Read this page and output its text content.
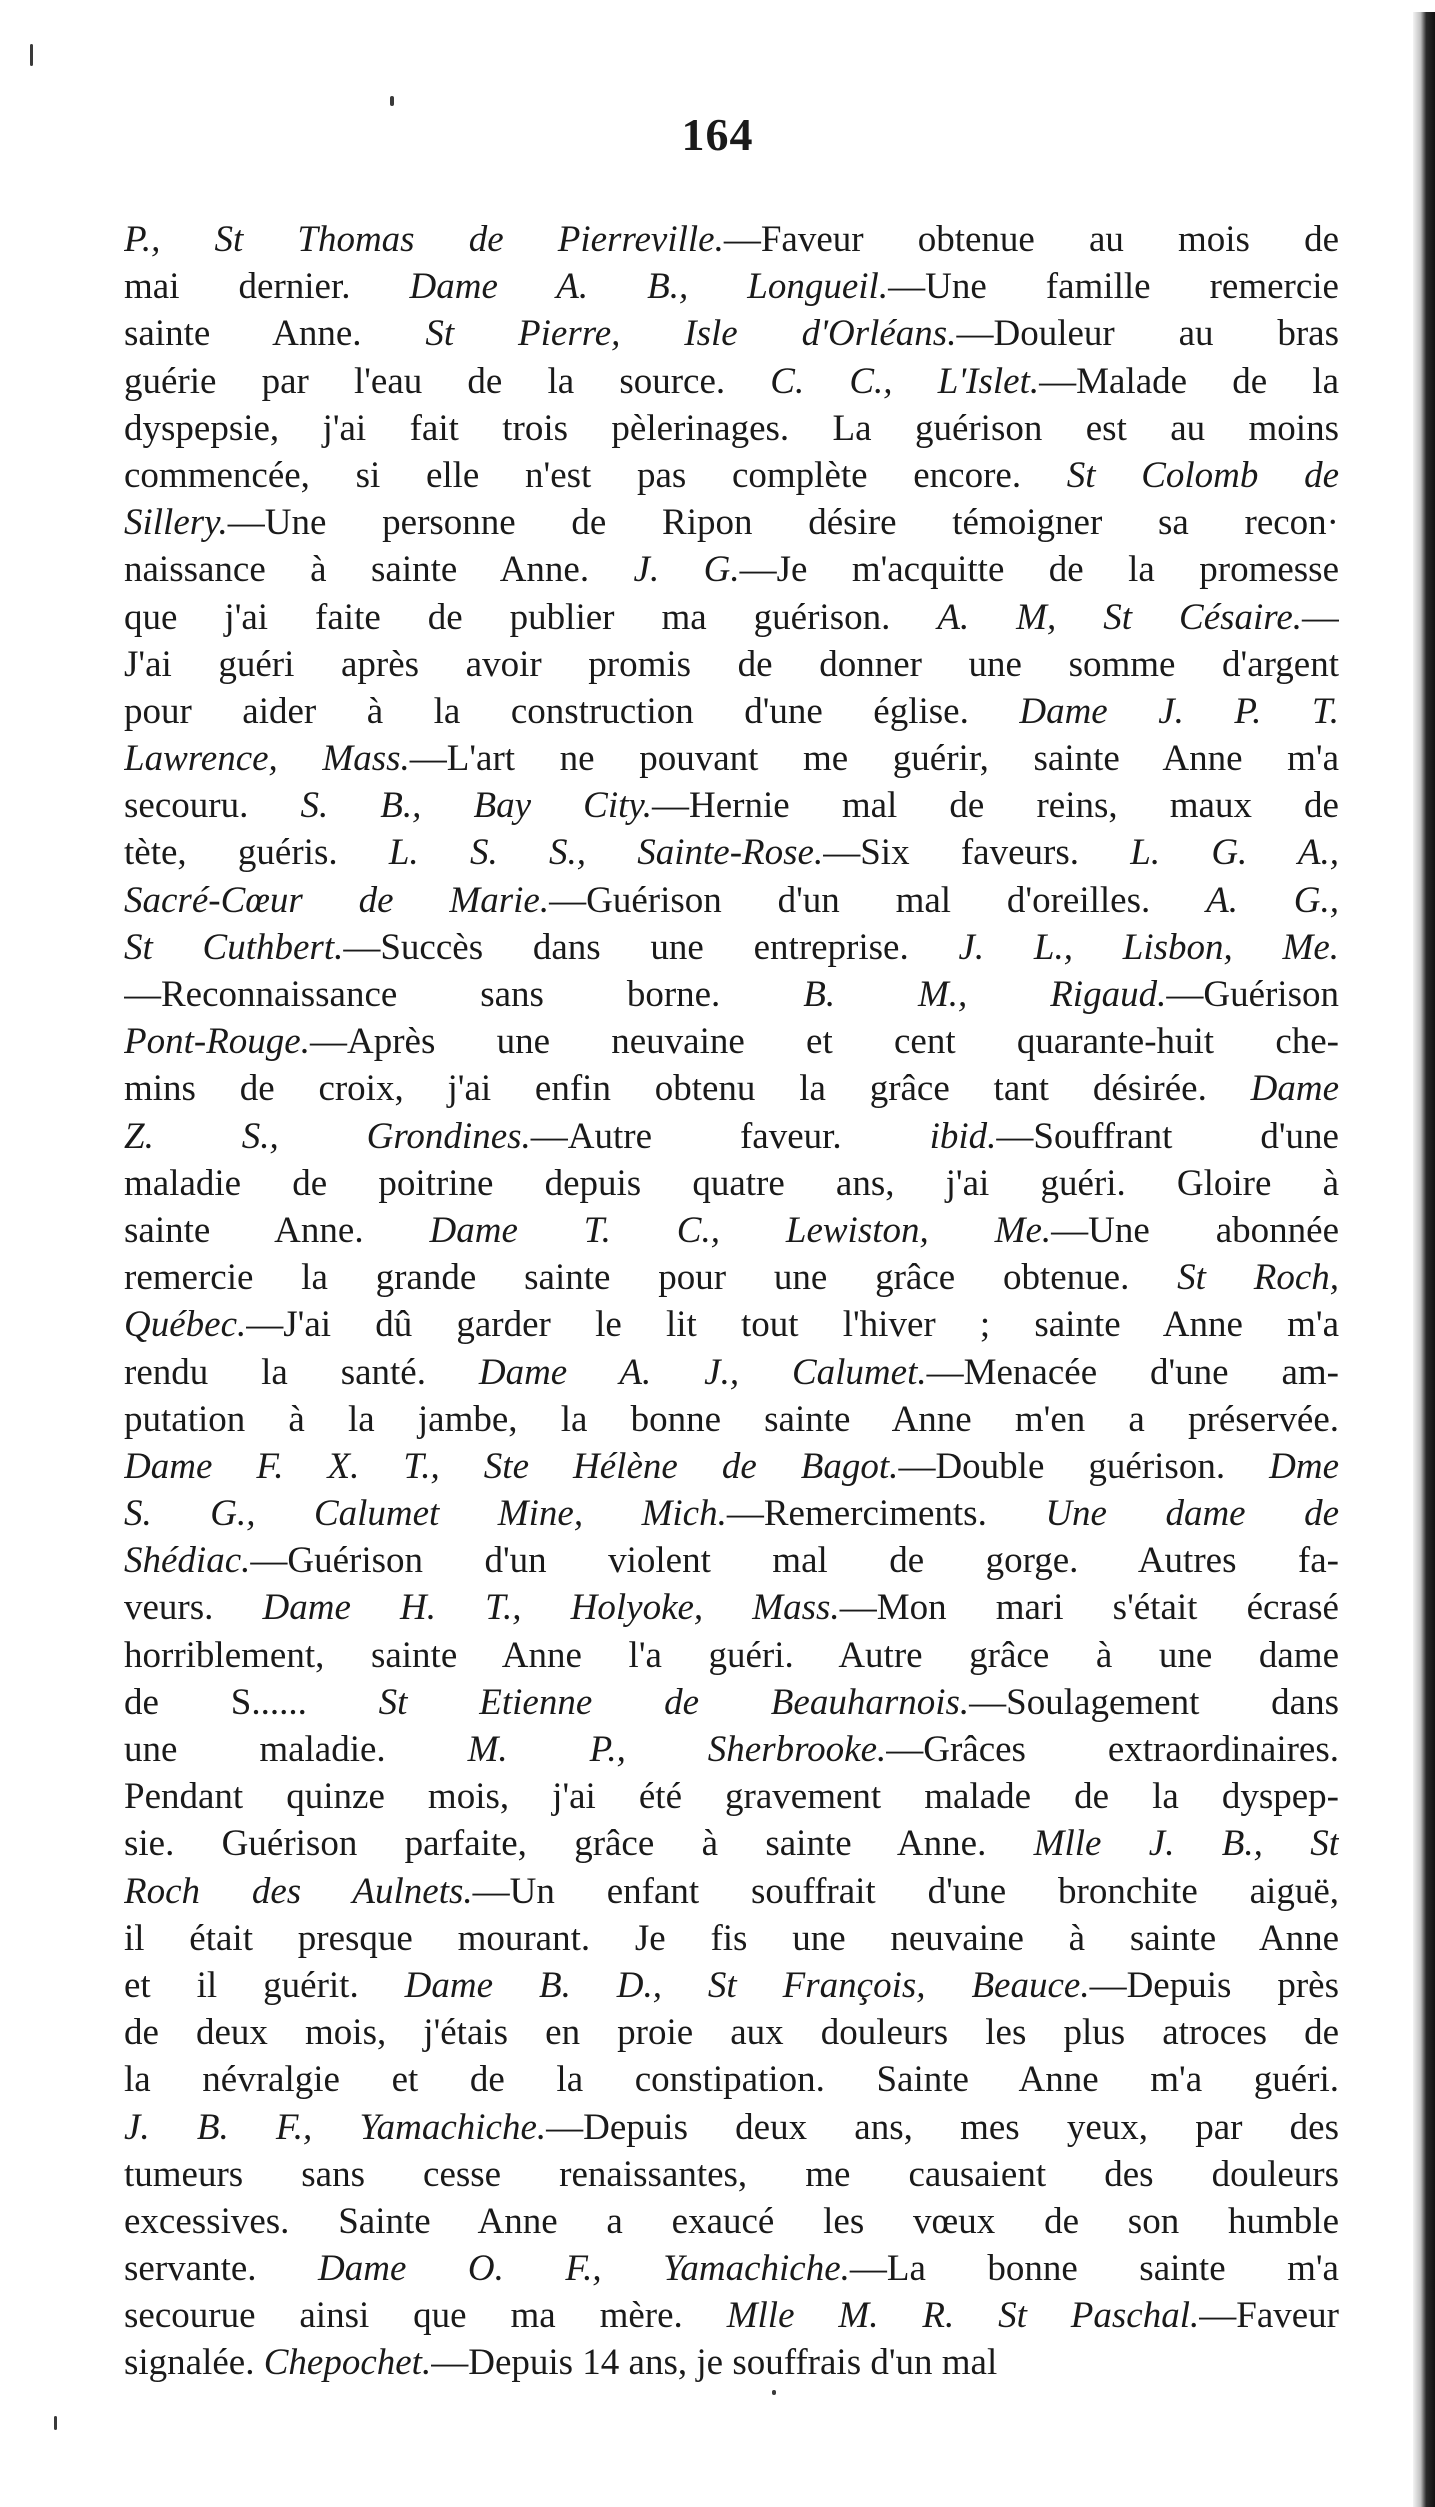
164
P., St Thomas de Pierreville.—Faveur obtenue au mois de
mai dernier. Dame A. B., Longueil.—Une famille remercie
sainte Anne. St Pierre, Isle d'Orléans.—Douleur au bras
guérie par l'eau de la source. C. C., L'Islet.—Malade de la
dyspepsie, j'ai fait trois pèlerinages. La guérison est au moins
commencée, si elle n'est pas complète encore. St Colomb de
Sillery.—Une personne de Ripon désire témoigner sa recon·
naissance à sainte Anne. J. G.—Je m'acquitte de la promesse
que j'ai faite de publier ma guérison. A. M, St Césaire.—
J'ai guéri après avoir promis de donner une somme d'argent
pour aider à la construction d'une église. Dame J. P. T.
Lawrence, Mass.—L'art ne pouvant me guérir, sainte Anne m'a
secouru. S. B., Bay City.—Hernie mal de reins, maux de
tète, guéris. L. S. S., Sainte-Rose.—Six faveurs. L. G. A.,
Sacré-Cœur de Marie.—Guérison d'un mal d'oreilles. A. G.,
St Cuthbert.—Succès dans une entreprise. J. L., Lisbon, Me.
—Reconnaissance sans borne. B. M., Rigaud.—Guérison
Pont-Rouge.—Après une neuvaine et cent quarante-huit che-
mins de croix, j'ai enfin obtenu la grâce tant désirée. Dame
Z. S., Grondines.—Autre faveur. ibid.—Souffrant d'une
maladie de poitrine depuis quatre ans, j'ai guéri. Gloire à
sainte Anne. Dame T. C., Lewiston, Me.—Une abonnée
remercie la grande sainte pour une grâce obtenue. St Roch,
Québec.—J'ai dû garder le lit tout l'hiver ; sainte Anne m'a
rendu la santé. Dame A. J., Calumet.—Menacée d'une am-
putation à la jambe, la bonne sainte Anne m'en a préservée.
Dame F. X. T., Ste Hélène de Bagot.—Double guérison. Dme
S. G., Calumet Mine, Mich.—Remerciments. Une dame de
Shédiac.—Guérison d'un violent mal de gorge. Autres fa-
veurs. Dame H. T., Holyoke, Mass.—Mon mari s'était écrasé
horriblement, sainte Anne l'a guéri. Autre grâce à une dame
de S...... St Etienne de Beauharnois.—Soulagement dans
une maladie. M. P., Sherbrooke.—Grâces extraordinaires.
Pendant quinze mois, j'ai été gravement malade de la dyspep-
sie. Guérison parfaite, grâce à sainte Anne. Mlle J. B., St
Roch des Aulnets.—Un enfant souffrait d'une bronchite aiguë,
il était presque mourant. Je fis une neuvaine à sainte Anne
et il guérit. Dame B. D., St François, Beauce.—Depuis près
de deux mois, j'étais en proie aux douleurs les plus atroces de
la névralgie et de la constipation. Sainte Anne m'a guéri.
J. B. F., Yamachiche.—Depuis deux ans, mes yeux, par des
tumeurs sans cesse renaissantes, me causaient des douleurs
excessives. Sainte Anne a exaucé les vœux de son humble
servante. Dame O. F., Yamachiche.—La bonne sainte m'a
secourue ainsi que ma mère. Mlle M. R. St Paschal.—Faveur
signalée. Chepochet.—Depuis 14 ans, je souffrais d'un mal
